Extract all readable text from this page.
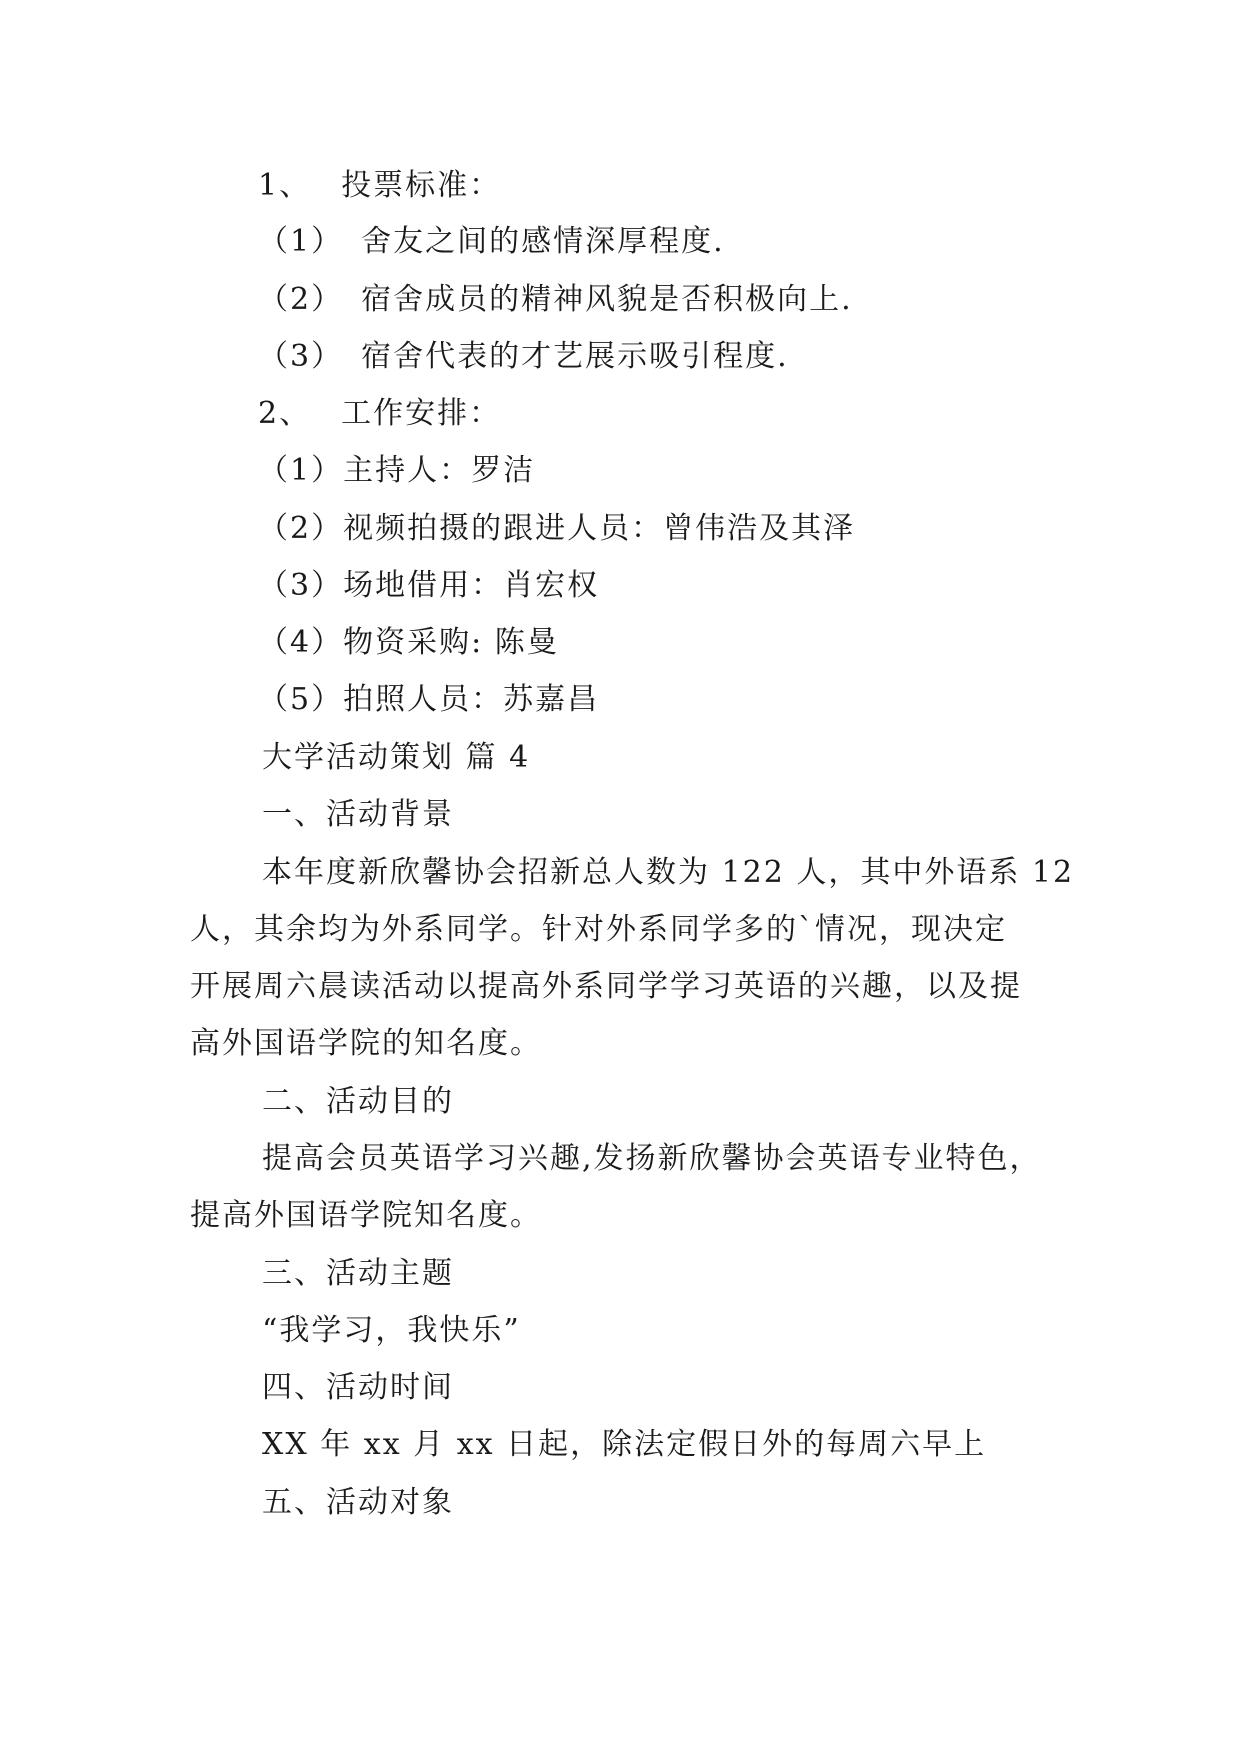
1、 投票标准：
（1） 舍友之间的感情深厚程度.
（2） 宿舍成员的精神风貌是否积极向上.
（3） 宿舍代表的才艺展示吸引程度.
2、 工作安排：
（1）主持人：罗洁
（2）视频拍摄的跟进人员：曾伟浩及其泽
（3）场地借用：肖宏权
（4）物资采购: 陈曼
（5）拍照人员：苏嘉昌
大学活动策划 篇 4
一、活动背景
本年度新欣馨协会招新总人数为 122 人，其中外语系 12
人，其余均为外系同学。针对外系同学多的`情况，现决定
开展周六晨读活动以提高外系同学学习英语的兴趣，以及提
高外国语学院的知名度。
二、活动目的
提高会员英语学习兴趣,发扬新欣馨协会英语专业特色，
提高外国语学院知名度。
三、活动主题
“我学习，我快乐”
四、活动时间
XX 年 xx 月 xx 日起，除法定假日外的每周六早上
五、活动对象
